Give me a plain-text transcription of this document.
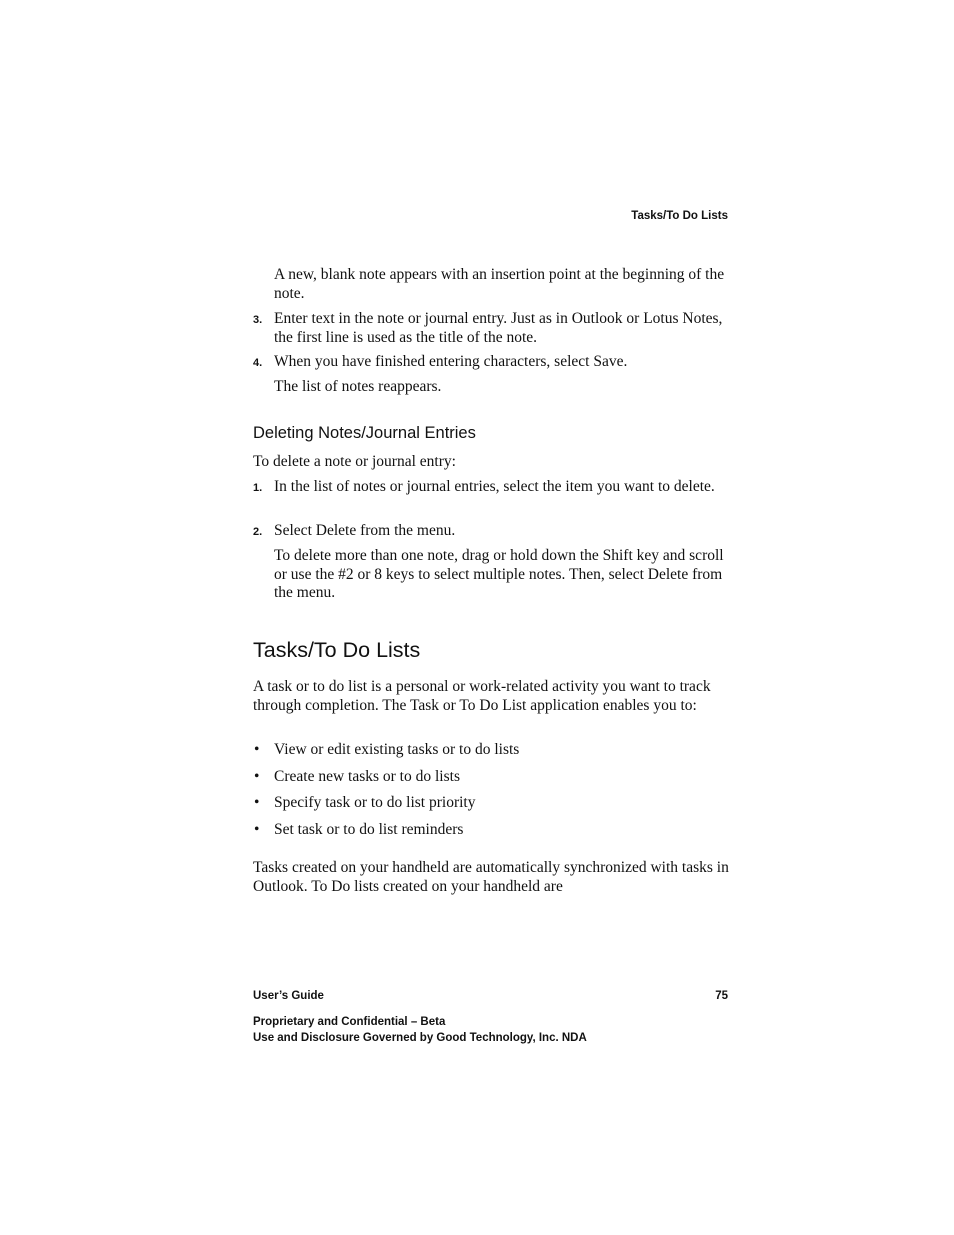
Tasks/To Do Lists
A new, blank note appears with an insertion point at the beginning of the note.
3. Enter text in the note or journal entry. Just as in Outlook or Lotus Notes, the first line is used as the title of the note.
4. When you have finished entering characters, select Save.
The list of notes reappears.
Deleting Notes/Journal Entries
To delete a note or journal entry:
1. In the list of notes or journal entries, select the item you want to delete.
2. Select Delete from the menu.
To delete more than one note, drag or hold down the Shift key and scroll or use the #2 or 8 keys to select multiple notes. Then, select Delete from the menu.
Tasks/To Do Lists
A task or to do list is a personal or work-related activity you want to track through completion. The Task or To Do List application enables you to:
• View or edit existing tasks or to do lists
• Create new tasks or to do lists
• Specify task or to do list priority
• Set task or to do list reminders
Tasks created on your handheld are automatically synchronized with tasks in Outlook. To Do lists created on your handheld are
User’s Guide	75
Proprietary and Confidential – Beta
Use and Disclosure Governed by Good Technology, Inc. NDA
